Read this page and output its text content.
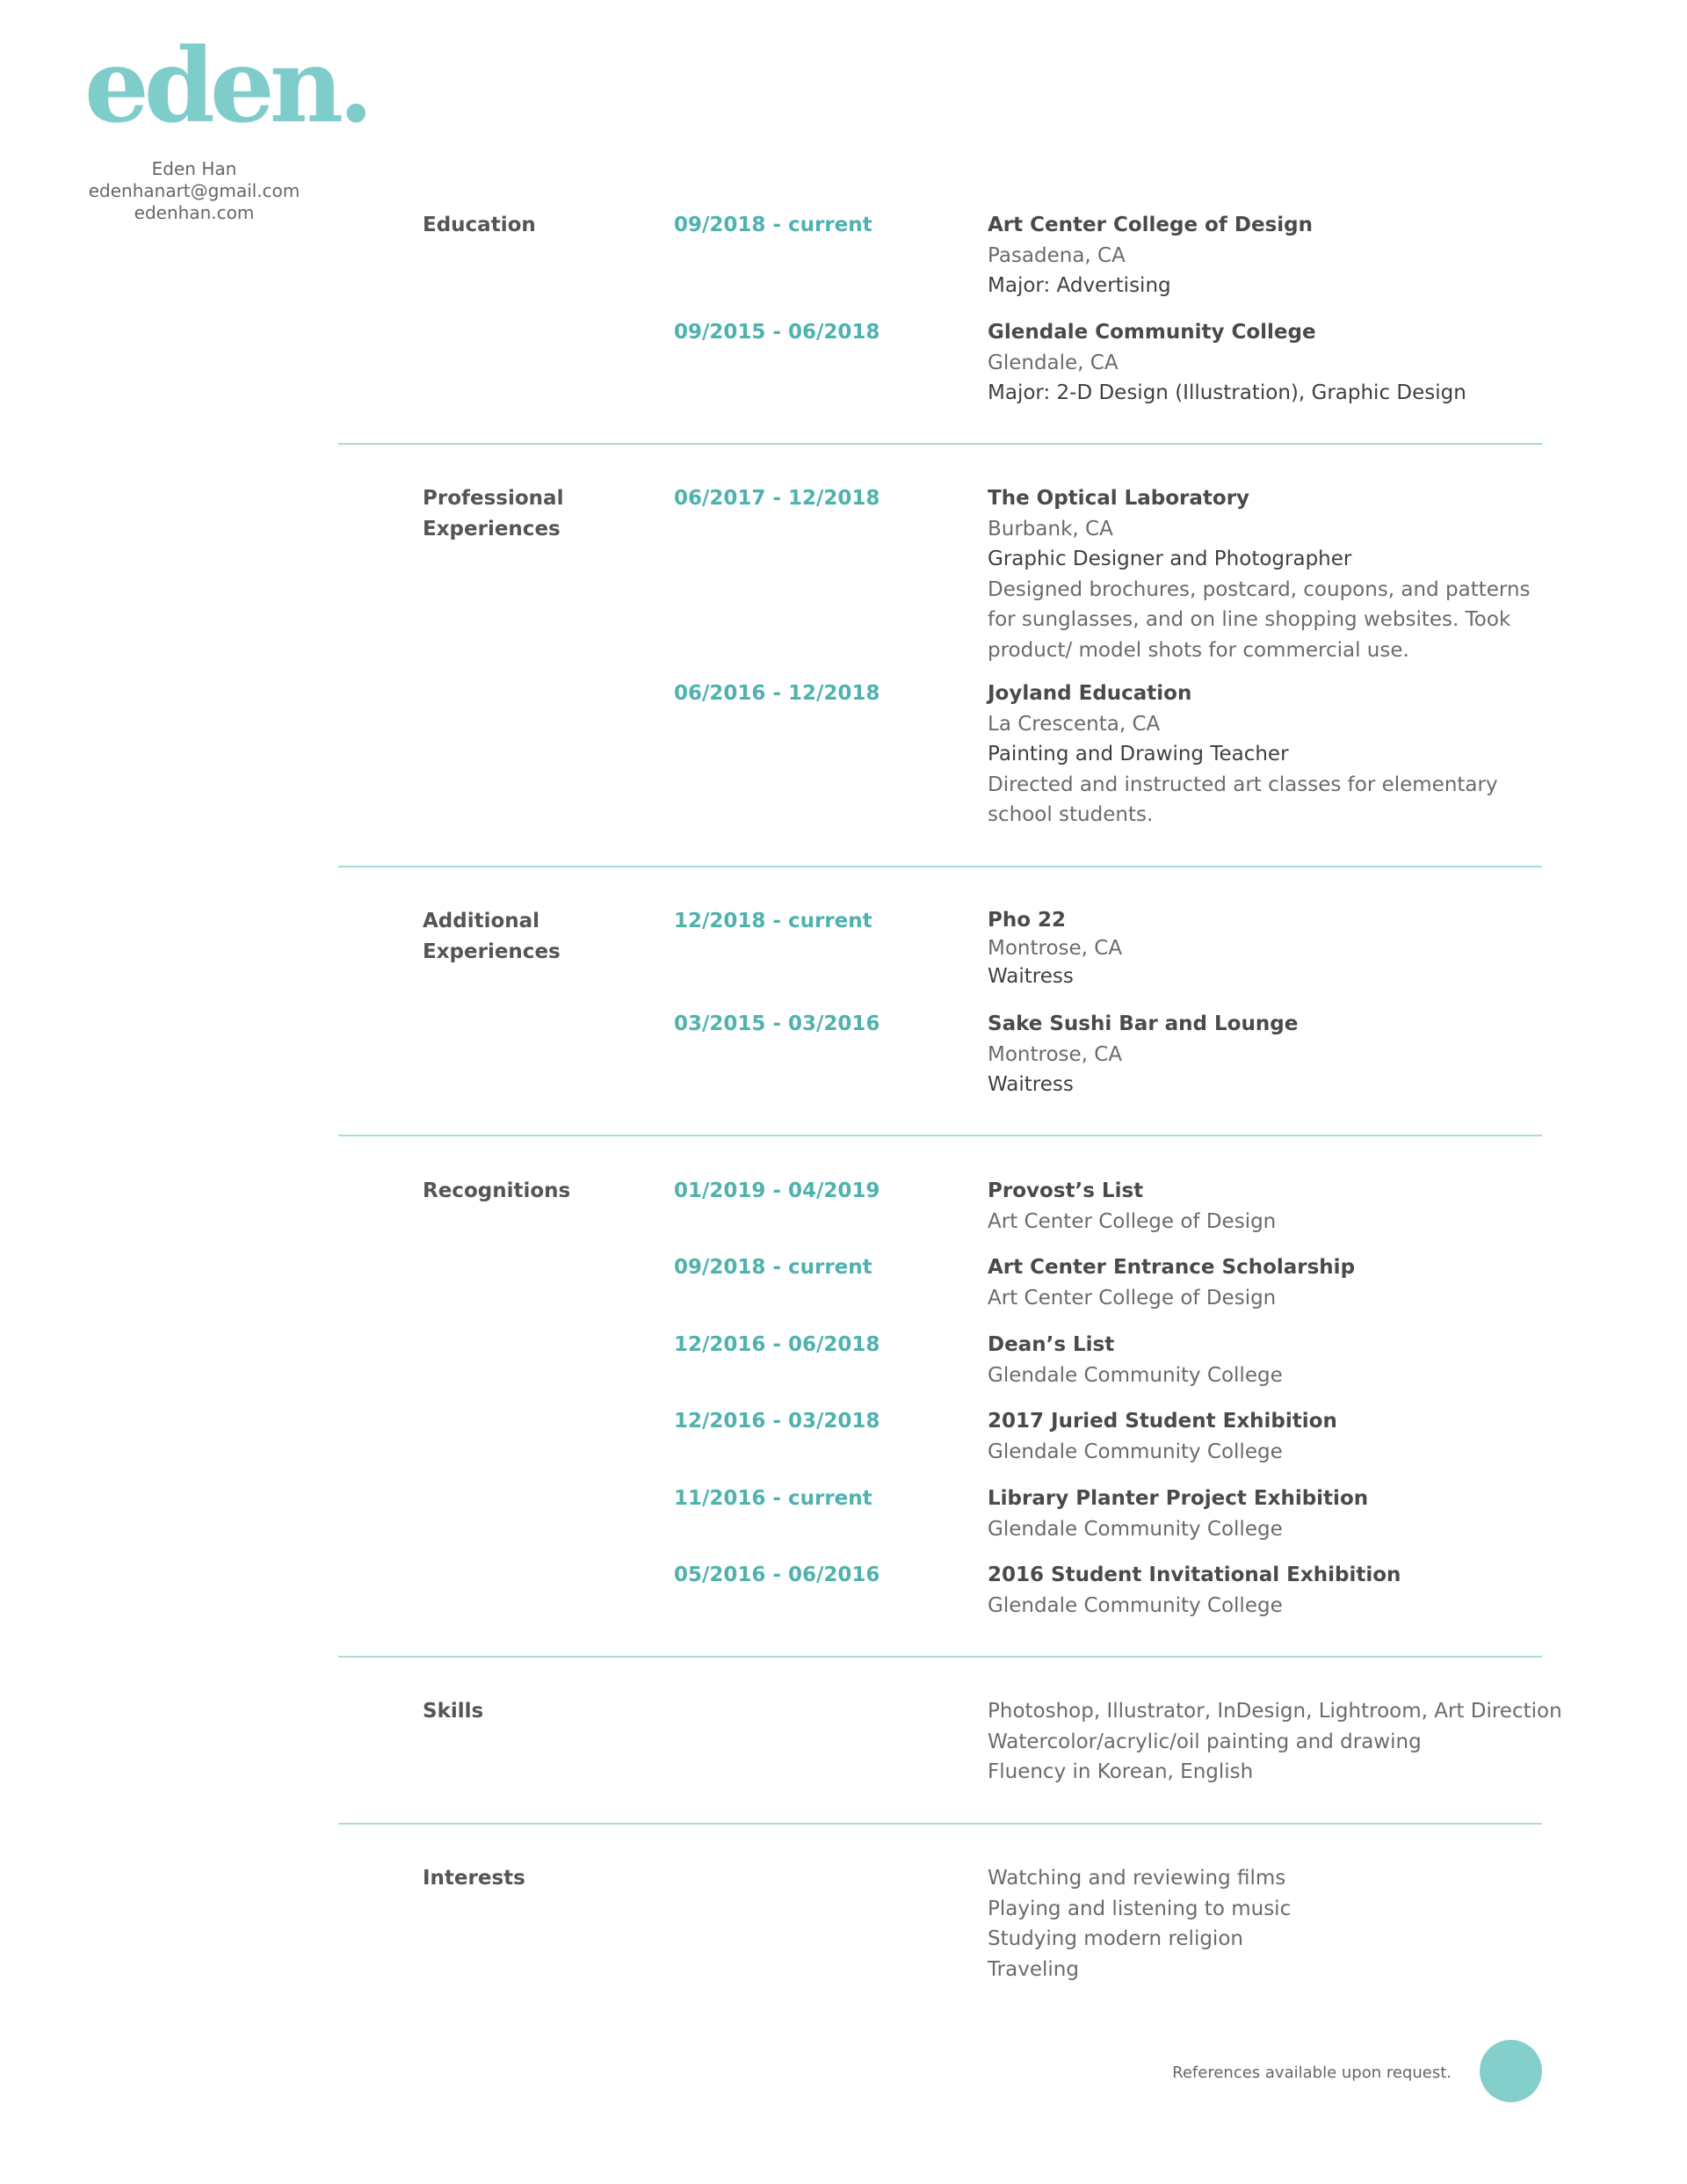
eden.
Eden Han
edenhanart@gmail.com
edenhan.com
Education	09/2018 - current	Art Center College of Design
Pasadena, CA
Major: Advertising
09/2015 - 06/2018	Glendale Community College
Glendale, CA
Major: 2-D Design (Illustration), Graphic Design
Professional
Experiences
06/2017 - 12/2018	The Optical Laboratory
Burbank, CA
Graphic Designer and Photographer
Designed brochures, postcard, coupons, and patterns for sunglasses, and on line shopping websites. Took product/ model shots for commercial use.
06/2016 - 12/2018	Joyland Education
La Crescenta, CA
Painting and Drawing Teacher
Directed and instructed art classes for elementary school students.
Additional
Experiences
12/2018 - current	Pho 22
Montrose, CA
Waitress
03/2015 - 03/2016	Sake Sushi Bar and Lounge
Montrose, CA
Waitress
Recognitions	01/2019 - 04/2019	Provost’s List
Art Center College of Design
09/2018 - current	Art Center Entrance Scholarship
Art Center College of Design
12/2016 - 06/2018	Dean’s List
Glendale Community College
12/2016 - 03/2018	2017 Juried Student Exhibition
Glendale Community College
11/2016 - current	Library Planter Project Exhibition
Glendale Community College
05/2016 - 06/2016	2016 Student Invitational Exhibition
Glendale Community College
Skills	Photoshop, Illustrator, InDesign, Lightroom, Art Direction
Watercolor/acrylic/oil painting and drawing
Fluency in Korean, English
Interests	Watching and reviewing films
Playing and listening to music
Studying modern religion
Traveling
References available upon request.
